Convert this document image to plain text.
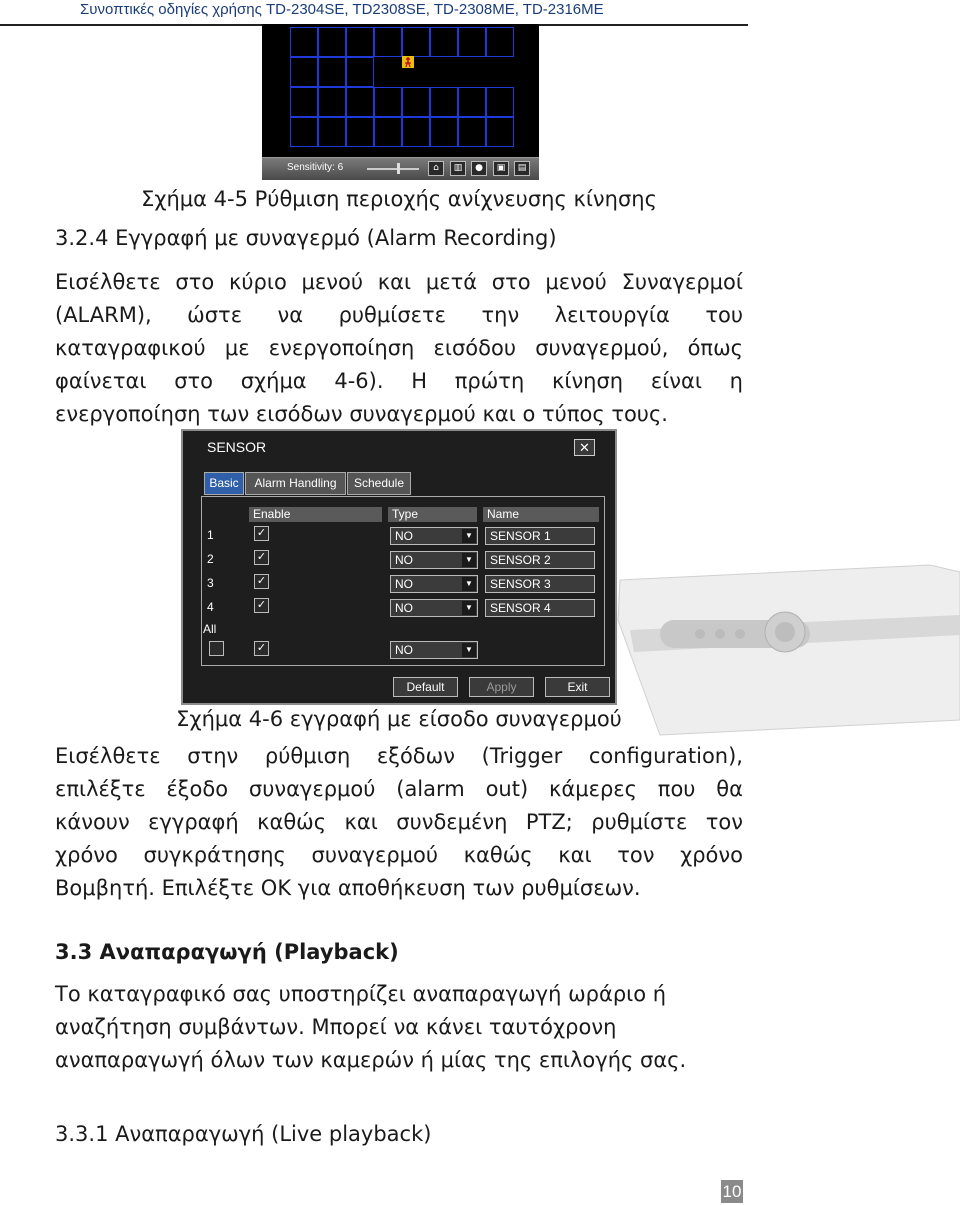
Συνοπτικές οδηγίες χρήσης TD-2304SE, TD2308SE, TD-2308ME, TD-2316ME
Sensitivity: 6	⌂	▥	●	▣	▤
Σχήμα 4-5 Ρύθμιση περιοχής ανίχνευσης κίνησης
3.2.4 Εγγραφή με συναγερμό (Alarm Recording)
Εισέλθετε στο κύριο μενού και μετά στο μενού Συναγερμοί
(ALARM), ώστε να ρυθμίσετε την λειτουργία του
καταγραφικού με ενεργοποίηση εισόδου συναγερμού, όπως
φαίνεται στο σχήμα 4-6). Η πρώτη κίνηση είναι η
ενεργοποίηση των εισόδων συναγερμού και ο τύπος τους.
SENSOR	✕
Basic	Alarm Handling	Schedule
Enable	Type	Name
1	✓	NO	▼	SENSOR 1
2	✓	NO	▼	SENSOR 2
3	✓	NO	▼	SENSOR 3
4	✓	NO	▼	SENSOR 4
All
✓	NO	▼
Default	Apply	Exit
Σχήμα 4-6 εγγραφή με είσοδο συναγερμού
Εισέλθετε στην ρύθμιση εξόδων (Trigger configuration),
επιλέξτε έξοδο συναγερμού (alarm out) κάμερες που θα
κάνουν εγγραφή καθώς και συνδεμένη PTZ; ρυθμίστε τον
χρόνο συγκράτησης συναγερμού καθώς και τον χρόνο
Βομβητή. Επιλέξτε ΟΚ για αποθήκευση των ρυθμίσεων.
3.3 Αναπαραγωγή (Playback)
Το καταγραφικό σας υποστηρίζει αναπαραγωγή ωράριο ή
αναζήτηση συμβάντων. Μπορεί να κάνει ταυτόχρονη
αναπαραγωγή όλων των καμερών ή μίας της επιλογής σας.
3.3.1 Αναπαραγωγή (Live playback)
10
